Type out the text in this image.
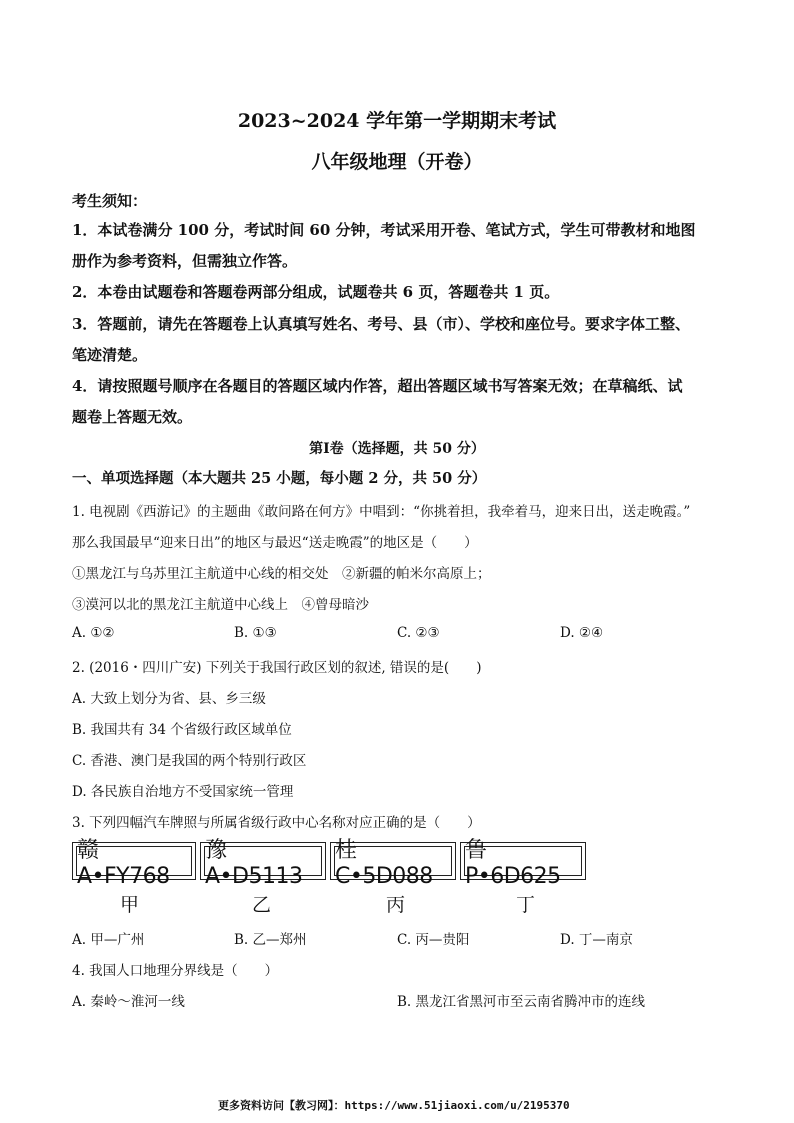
2023~2024 学年第一学期期末考试
八年级地理（开卷）
考生须知：
1．本试卷满分 100 分，考试时间 60 分钟，考试采用开卷、笔试方式，学生可带教材和地图
册作为参考资料，但需独立作答。
2．本卷由试题卷和答题卷两部分组成，试题卷共 6 页，答题卷共 1 页。
3．答题前，请先在答题卷上认真填写姓名、考号、县（市）、学校和座位号。要求字体工整、
笔迹清楚。
4．请按照题号顺序在各题目的答题区域内作答，超出答题区域书写答案无效；在草稿纸、试
题卷上答题无效。
第Ⅰ卷（选择题，共 50 分）
一、单项选择题（本大题共 25 小题，每小题 2 分，共 50 分）
1. 电视剧《西游记》的主题曲《敢问路在何方》中唱到：“你挑着担，我牵着马，迎来日出，送走晚霞。”
那么我国最早“迎来日出”的地区与最迟“送走晚霞”的地区是（　　）
①黑龙江与乌苏里江主航道中心线的相交处　②新疆的帕米尔高原上；
③漠河以北的黑龙江主航道中心线上　④曾母暗沙
A. ①②	B. ①③	C. ②③	D. ②④
2. (2016・四川广安) 下列关于我国行政区划的叙述, 错误的是(　　)
A. 大致上划分为省、县、乡三级
B. 我国共有 34 个省级行政区域单位
C. 香港、澳门是我国的两个特别行政区
D. 各民族自治地方不受国家统一管理
3. 下列四幅汽车牌照与所属省级行政中心名称对应正确的是（　　）
赣A•FY768
豫A•D5113
桂C•5D088
鲁P•6D625
甲	乙	丙	丁
A. 甲—广州	B. 乙—郑州	C. 丙—贵阳	D. 丁—南京
4. 我国人口地理分界线是（　　）
A. 秦岭～淮河一线	B. 黑龙江省黑河市至云南省腾冲市的连线
更多资料访问【教习网】：https://www.51jiaoxi.com/u/2195370
